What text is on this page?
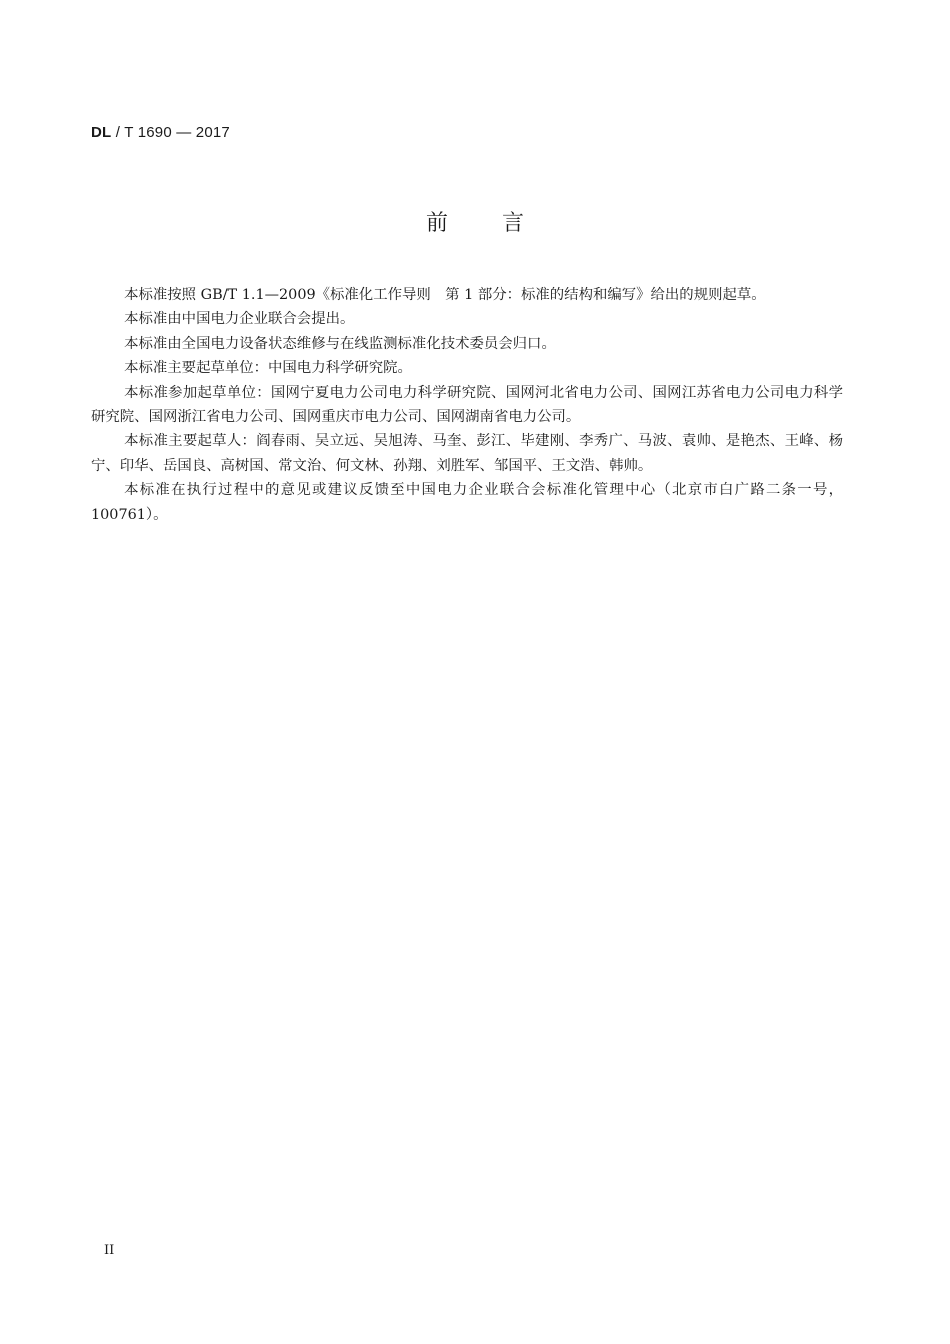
DL / T 1690 — 2017
前 言

本标准按照 GB/T 1.1—2009《标准化工作导则　第 1 部分：标准的结构和编写》给出的规则起草。

本标准由中国电力企业联合会提出。

本标准由全国电力设备状态维修与在线监测标准化技术委员会归口。

本标准主要起草单位：中国电力科学研究院。

本标准参加起草单位：国网宁夏电力公司电力科学研究院、国网河北省电力公司、国网江苏省电力公司电力科学研究院、国网浙江省电力公司、国网重庆市电力公司、国网湖南省电力公司。

本标准主要起草人：阎春雨、吴立远、吴旭涛、马奎、彭江、毕建刚、李秀广、马波、袁帅、是艳杰、王峰、杨宁、印华、岳国良、高树国、常文治、何文林、孙翔、刘胜军、邹国平、王文浩、韩帅。

本标准在执行过程中的意见或建议反馈至中国电力企业联合会标准化管理中心（北京市白广路二条一号，100761）。

II
